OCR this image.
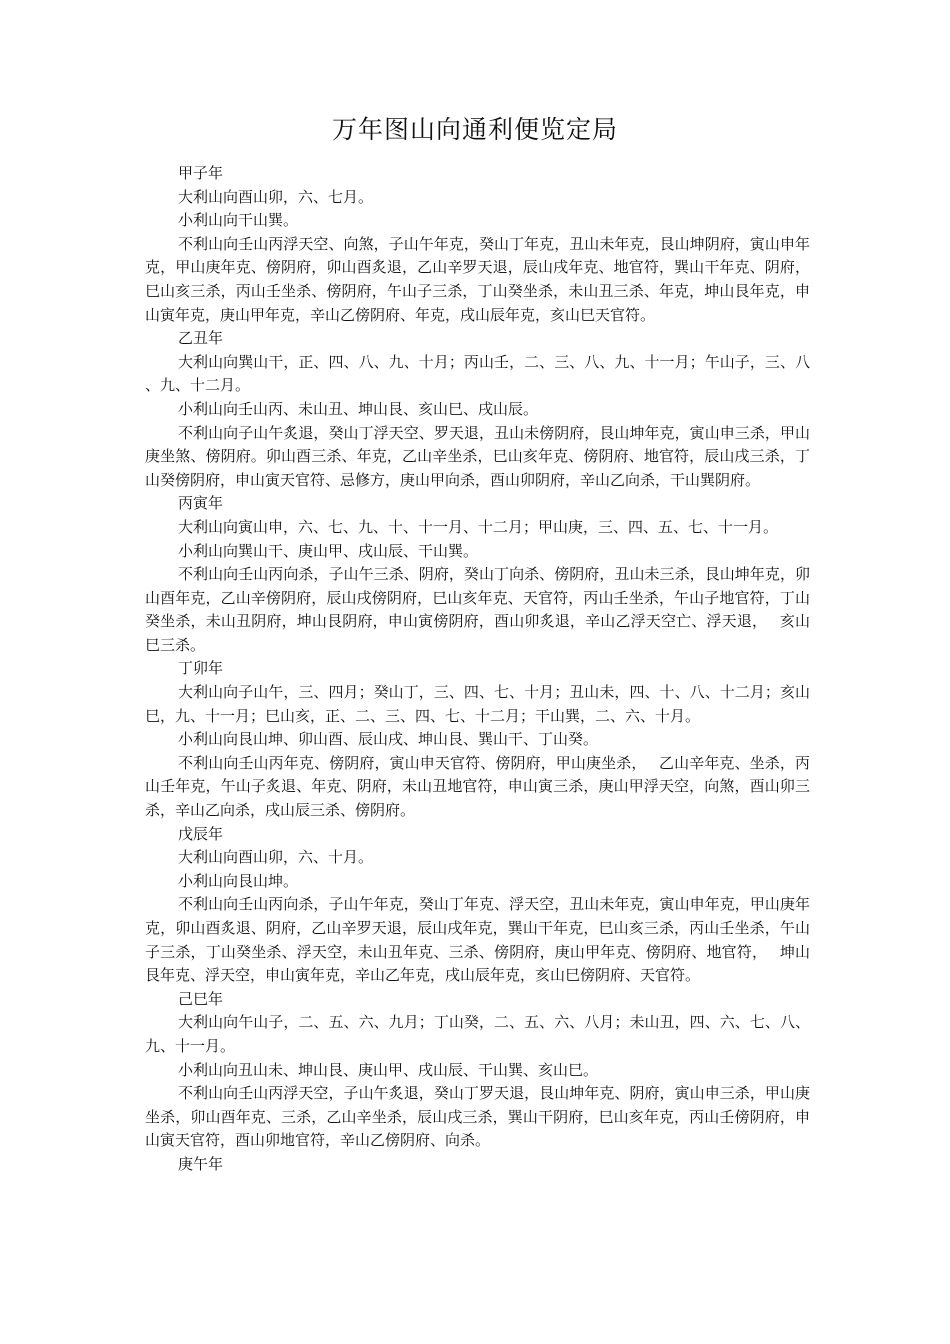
万年图山向通利便览定局

甲子年

大利山向酉山卯，六、七月。

小利山向干山巽。

不利山向壬山丙浮天空、向煞，子山午年克，癸山丁年克，丑山未年克，艮山坤阴府，寅山申年克，甲山庚年克、傍阴府，卯山酉炙退，乙山辛罗天退，辰山戌年克、地官符，巽山干年克、阴府，巳山亥三杀，丙山壬坐杀、傍阴府，午山子三杀，丁山癸坐杀，未山丑三杀、年克，坤山艮年克，申山寅年克，庚山甲年克，辛山乙傍阴府、年克，戌山辰年克，亥山巳天官符。

乙丑年

大利山向巽山干，正、四、八、九、十月；丙山壬，二、三、八、九、十一月；午山子，三、八、九、十二月。

小利山向壬山丙、未山丑、坤山艮、亥山巳、戌山辰。

不利山向子山午炙退，癸山丁浮天空、罗天退，丑山未傍阴府，艮山坤年克，寅山申三杀，甲山庚坐煞、傍阴府。卯山酉三杀、年克，乙山辛坐杀，巳山亥年克、傍阴府、地官符，辰山戌三杀，丁山癸傍阴府，申山寅天官符、忌修方，庚山甲向杀，酉山卯阴府，辛山乙向杀，干山巽阴府。

丙寅年

大利山向寅山申，六、七、九、十、十一月、十二月；甲山庚，三、四、五、七、十一月。

小利山向巽山干、庚山甲、戌山辰、干山巽。

不利山向壬山丙向杀，子山午三杀、阴府，癸山丁向杀、傍阴府，丑山未三杀，艮山坤年克，卯山酉年克，乙山辛傍阴府，辰山戌傍阴府，巳山亥年克、天官符，丙山壬坐杀，午山子地官符，丁山癸坐杀，未山丑阴府，坤山艮阴府，申山寅傍阴府，酉山卯炙退，辛山乙浮天空亡、浮天退，　 亥山巳三杀。

丁卯年

大利山向子山午，三、四月；癸山丁，三、四、七、十月；丑山未，四、十、八、十二月；亥山巳，九、十一月；巳山亥，正、二、三、四、七、十二月；干山巽，二、六、十月。

小利山向艮山坤、卯山酉、辰山戌、坤山艮、巽山干、丁山癸。

不利山向壬山丙年克、傍阴府，寅山申天官符、傍阴府，甲山庚坐杀，　 乙山辛年克、坐杀，丙山壬年克，午山子炙退、年克、阴府，未山丑地官符，申山寅三杀，庚山甲浮天空，向煞，酉山卯三杀，辛山乙向杀，戌山辰三杀、傍阴府。

戊辰年

大利山向酉山卯，六、十月。

小利山向艮山坤。

不利山向壬山丙向杀，子山午年克，癸山丁年克、浮天空，丑山未年克，寅山申年克，甲山庚年克，卯山酉炙退、阴府，乙山辛罗天退，辰山戌年克，巽山干年克，巳山亥三杀，丙山壬坐杀，午山子三杀，丁山癸坐杀、浮天空，未山丑年克、三杀、傍阴府，庚山甲年克、傍阴府、地官符，　 坤山艮年克、浮天空，申山寅年克，辛山乙年克，戌山辰年克，亥山巳傍阴府、天官符。

己巳年

大利山向午山子，二、五、六、九月；丁山癸，二、五、六、八月；未山丑，四、六、七、八、九、十一月。

小利山向丑山未、坤山艮、庚山甲、戌山辰、干山巽、亥山巳。

不利山向壬山丙浮天空，子山午炙退，癸山丁罗天退，艮山坤年克、阴府，寅山申三杀，甲山庚坐杀，卯山酉年克、三杀，乙山辛坐杀，辰山戌三杀，巽山干阴府，巳山亥年克，丙山壬傍阴府，申山寅天官符，酉山卯地官符，辛山乙傍阴府、向杀。

庚午年
